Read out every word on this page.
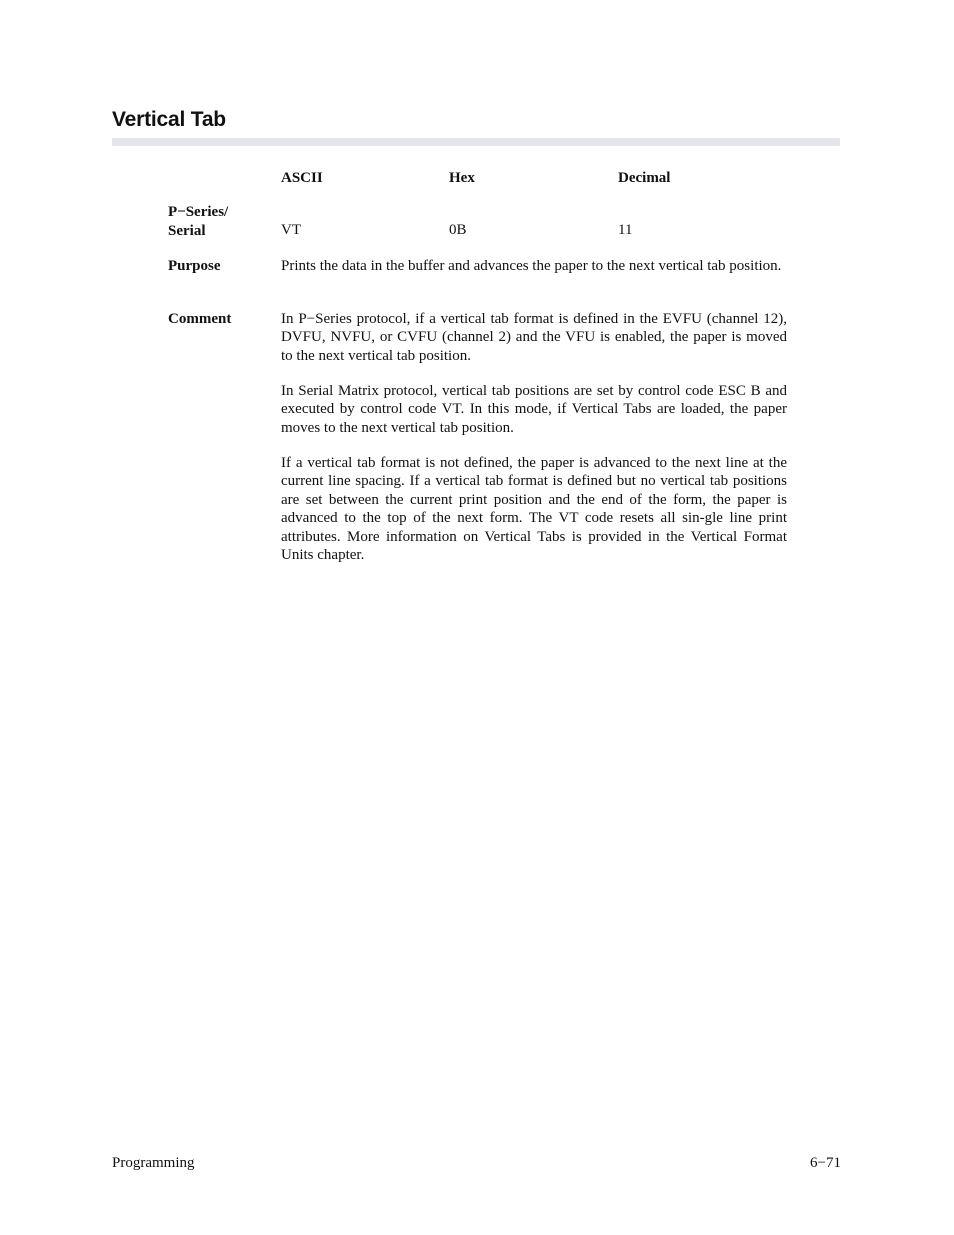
Vertical Tab
ASCII	Hex	Decimal
P−Series/
Serial	VT	0B	11
Purpose	Prints the data in the buffer and advances the paper to the next vertical tab position.
Comment	In P−Series protocol, if a vertical tab format is defined in the EVFU (channel 12), DVFU, NVFU, or CVFU (channel 2) and the VFU is enabled, the paper is moved to the next vertical tab position.
In Serial Matrix protocol, vertical tab positions are set by control code ESC B and executed by control code VT. In this mode, if Vertical Tabs are loaded, the paper moves to the next vertical tab position.
If a vertical tab format is not defined, the paper is advanced to the next line at the current line spacing. If a vertical tab format is defined but no vertical tab positions are set between the current print position and the end of the form, the paper is advanced to the top of the next form. The VT code resets all sin-gle line print attributes. More information on Vertical Tabs is provided in the Vertical Format Units chapter.
Programming	6−71
